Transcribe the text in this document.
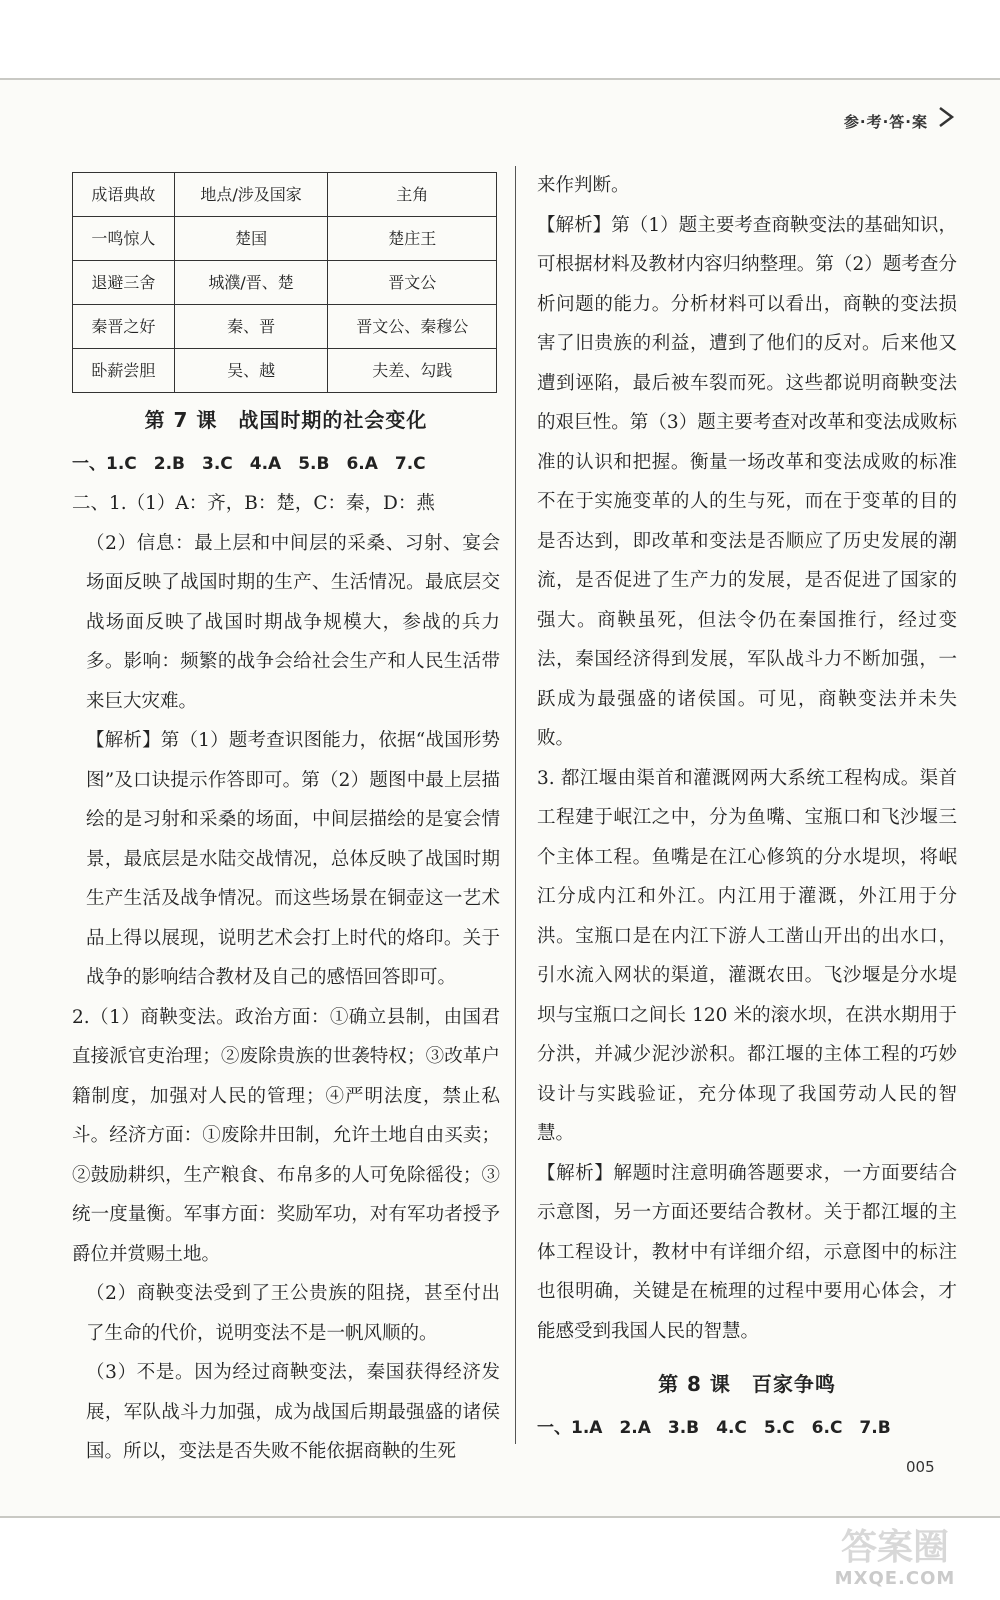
参·考·答·案
成语典故	地点/涉及国家	主角
一鸣惊人	楚国	楚庄王
退避三舍	城濮/晋、楚	晋文公
秦晋之好	秦、晋	晋文公、秦穆公
卧薪尝胆	吴、越	夫差、勾践
第 7 课　战国时期的社会变化

一、1.C　2.B　3.C　4.A　5.B　6.A　7.C

二、1.（1）A：齐，B：楚，C：秦，D：燕

（2）信息：最上层和中间层的采桑、习射、宴会场面反映了战国时期的生产、生活情况。最底层交战场面反映了战国时期战争规模大，参战的兵力多。影响：频繁的战争会给社会生产和人民生活带来巨大灾难。

【解析】第（1）题考查识图能力，依据“战国形势图”及口诀提示作答即可。第（2）题图中最上层描绘的是习射和采桑的场面，中间层描绘的是宴会情景，最底层是水陆交战情况，总体反映了战国时期生产生活及战争情况。而这些场景在铜壶这一艺术品上得以展现，说明艺术会打上时代的烙印。关于战争的影响结合教材及自己的感悟回答即可。

2.（1）商鞅变法。政治方面：①确立县制，由国君直接派官吏治理；②废除贵族的世袭特权；③改革户籍制度，加强对人民的管理；④严明法度，禁止私斗。经济方面：①废除井田制，允许土地自由买卖；②鼓励耕织，生产粮食、布帛多的人可免除徭役；③统一度量衡。军事方面：奖励军功，对有军功者授予爵位并赏赐土地。

（2）商鞅变法受到了王公贵族的阻挠，甚至付出了生命的代价，说明变法不是一帆风顺的。

（3）不是。因为经过商鞅变法，秦国获得经济发展，军队战斗力加强，成为战国后期最强盛的诸侯国。所以，变法是否失败不能依据商鞅的生死

来作判断。

【解析】第（1）题主要考查商鞅变法的基础知识，可根据材料及教材内容归纳整理。第（2）题考查分析问题的能力。分析材料可以看出，商鞅的变法损害了旧贵族的利益，遭到了他们的反对。后来他又遭到诬陷，最后被车裂而死。这些都说明商鞅变法的艰巨性。第（3）题主要考查对改革和变法成败标准的认识和把握。衡量一场改革和变法成败的标准不在于实施变革的人的生与死，而在于变革的目的是否达到，即改革和变法是否顺应了历史发展的潮流，是否促进了生产力的发展，是否促进了国家的强大。商鞅虽死，但法令仍在秦国推行，经过变法，秦国经济得到发展，军队战斗力不断加强，一跃成为最强盛的诸侯国。可见，商鞅变法并未失败。

3. 都江堰由渠首和灌溉网两大系统工程构成。渠首工程建于岷江之中，分为鱼嘴、宝瓶口和飞沙堰三个主体工程。鱼嘴是在江心修筑的分水堤坝，将岷江分成内江和外江。内江用于灌溉，外江用于分洪。宝瓶口是在内江下游人工凿山开出的出水口，引水流入网状的渠道，灌溉农田。飞沙堰是分水堤坝与宝瓶口之间长 120 米的滚水坝，在洪水期用于分洪，并减少泥沙淤积。都江堰的主体工程的巧妙设计与实践验证，充分体现了我国劳动人民的智慧。

【解析】解题时注意明确答题要求，一方面要结合示意图，另一方面还要结合教材。关于都江堰的主体工程设计，教材中有详细介绍，示意图中的标注也很明确，关键是在梳理的过程中要用心体会，才能感受到我国人民的智慧。

第 8 课　百家争鸣

一、1.A　2.A　3.B　4.C　5.C　6.C　7.B

005
答案圈
MXQE.COM
